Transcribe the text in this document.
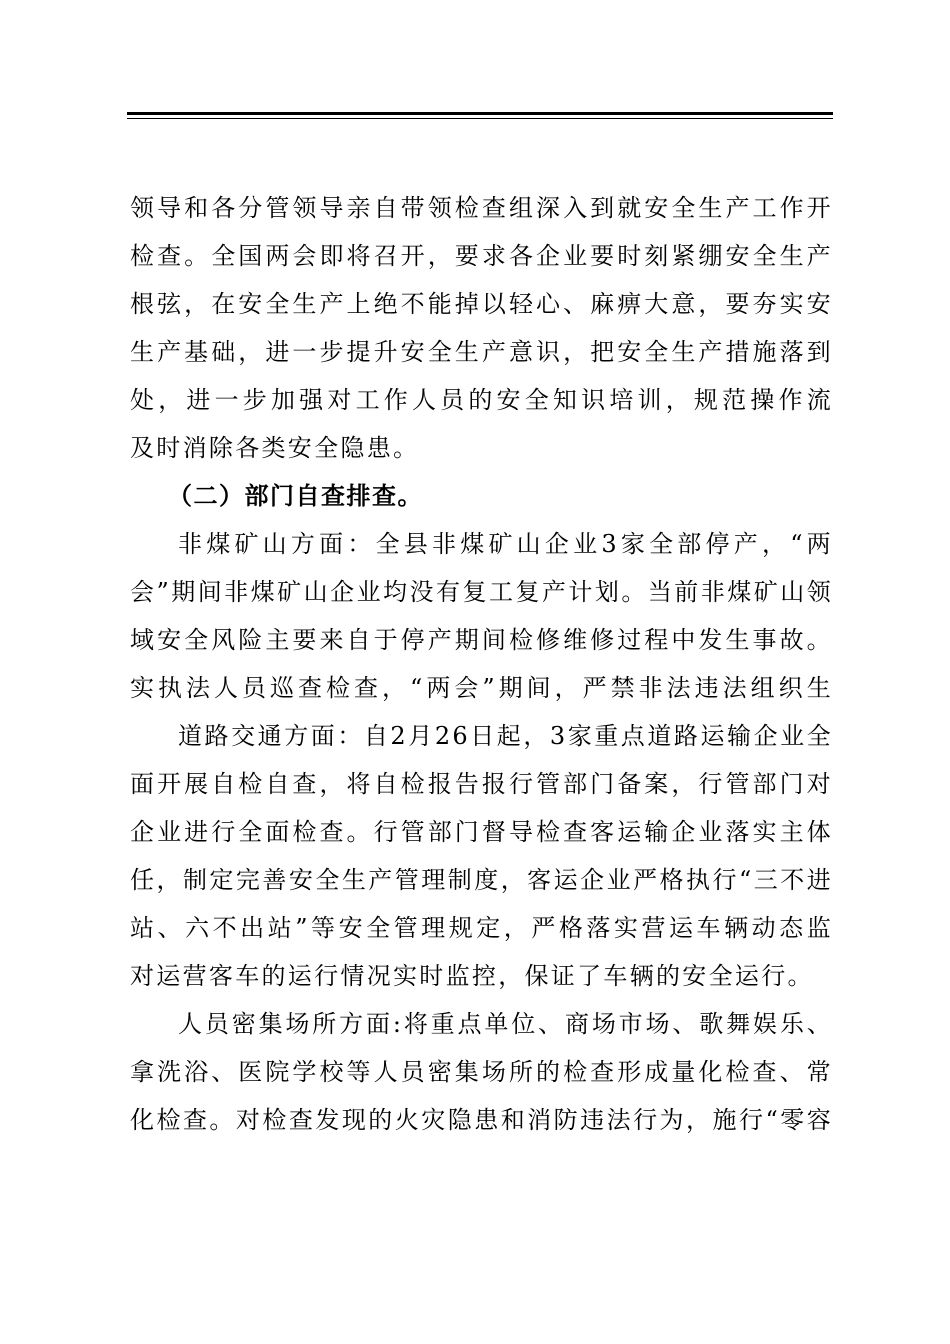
领导和各分管领导亲自带领检查组深入到就安全生产工作开
检查。全国两会即将召开，要求各企业要时刻紧绷安全生产
根弦，在安全生产上绝不能掉以轻心、麻痹大意，要夯实安
生产基础，进一步提升安全生产意识，把安全生产措施落到
处，进一步加强对工作人员的安全知识培训，规范操作流
及时消除各类安全隐患。
（二）部门自查排查。
非煤矿山方面：全县非煤矿山企业3家全部停产，“两
会”期间非煤矿山企业均没有复工复产计划。当前非煤矿山领
域安全风险主要来自于停产期间检修维修过程中发生事故。
实执法人员巡查检查，“两会”期间，严禁非法违法组织生
道路交通方面：自2月26日起，3家重点道路运输企业全
面开展自检自查，将自检报告报行管部门备案，行管部门对
企业进行全面检查。行管部门督导检查客运输企业落实主体
任，制定完善安全生产管理制度，客运企业严格执行“三不进
站、六不出站”等安全管理规定，严格落实营运车辆动态监
对运营客车的运行情况实时监控，保证了车辆的安全运行。
人员密集场所方面:将重点单位、商场市场、歌舞娱乐、
拿洗浴、医院学校等人员密集场所的检查形成量化检查、常
化检查。对检查发现的火灾隐患和消防违法行为，施行“零容
